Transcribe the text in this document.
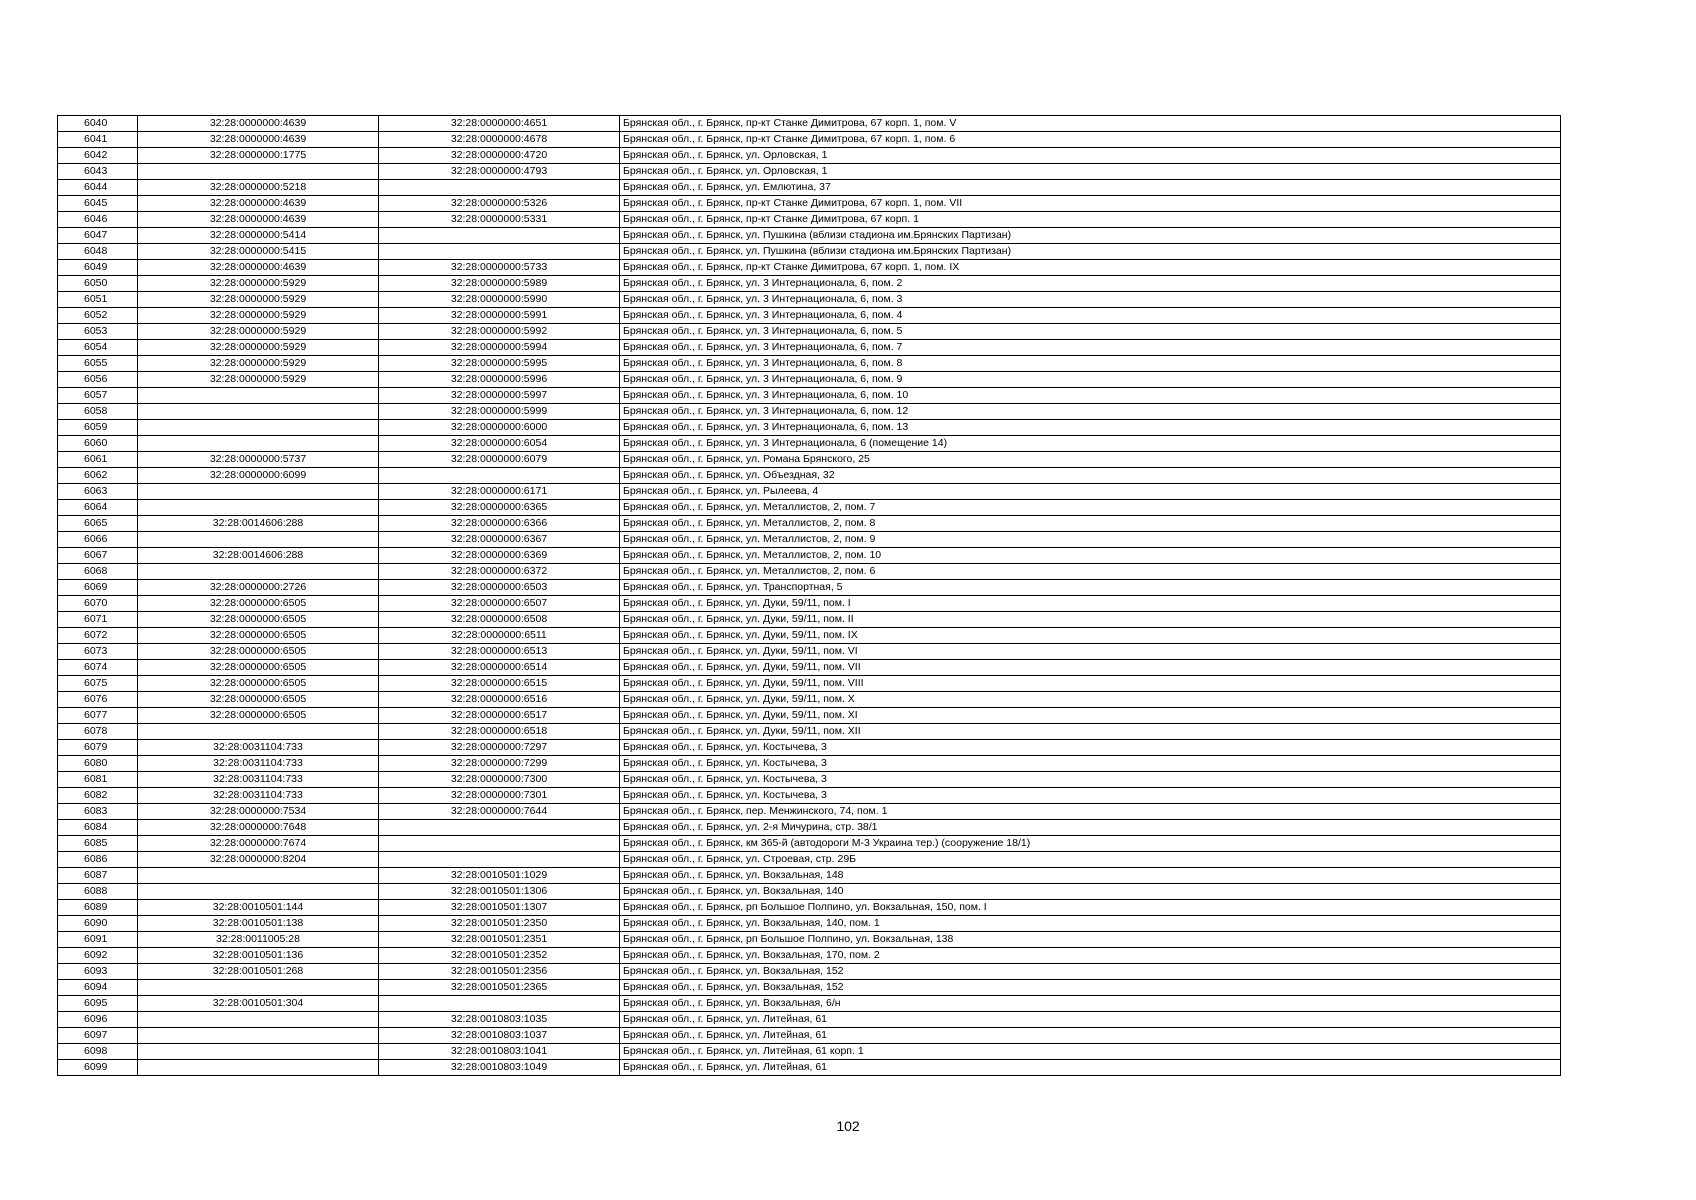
6040	32:28:0000000:4639	32:28:0000000:4651	Брянская обл., г. Брянск, пр-кт Станке Димитрова, 67 корп. 1, пом. V
6041	32:28:0000000:4639	32:28:0000000:4678	Брянская обл., г. Брянск, пр-кт Станке Димитрова, 67 корп. 1, пом. 6
6042	32:28:0000000:1775	32:28:0000000:4720	Брянская обл., г. Брянск, ул. Орловская, 1
6043		32:28:0000000:4793	Брянская обл., г. Брянск, ул. Орловская, 1
6044	32:28:0000000:5218		Брянская обл., г. Брянск, ул. Емлютина, 37
6045	32:28:0000000:4639	32:28:0000000:5326	Брянская обл., г. Брянск, пр-кт Станке Димитрова, 67 корп. 1, пом. VII
6046	32:28:0000000:4639	32:28:0000000:5331	Брянская обл., г. Брянск, пр-кт Станке Димитрова, 67 корп. 1
6047	32:28:0000000:5414		Брянская обл., г. Брянск, ул. Пушкина (вблизи стадиона им.Брянских Партизан)
6048	32:28:0000000:5415		Брянская обл., г. Брянск, ул. Пушкина (вблизи стадиона им.Брянских Партизан)
6049	32:28:0000000:4639	32:28:0000000:5733	Брянская обл., г. Брянск, пр-кт Станке Димитрова, 67 корп. 1, пом. IX
6050	32:28:0000000:5929	32:28:0000000:5989	Брянская обл., г. Брянск, ул. 3 Интернационала, 6, пом. 2
6051	32:28:0000000:5929	32:28:0000000:5990	Брянская обл., г. Брянск, ул. 3 Интернационала, 6, пом. 3
6052	32:28:0000000:5929	32:28:0000000:5991	Брянская обл., г. Брянск, ул. 3 Интернационала, 6, пом. 4
6053	32:28:0000000:5929	32:28:0000000:5992	Брянская обл., г. Брянск, ул. 3 Интернационала, 6, пом. 5
6054	32:28:0000000:5929	32:28:0000000:5994	Брянская обл., г. Брянск, ул. 3 Интернационала, 6, пом. 7
6055	32:28:0000000:5929	32:28:0000000:5995	Брянская обл., г. Брянск, ул. 3 Интернационала, 6, пом. 8
6056	32:28:0000000:5929	32:28:0000000:5996	Брянская обл., г. Брянск, ул. 3 Интернационала, 6, пом. 9
6057		32:28:0000000:5997	Брянская обл., г. Брянск, ул. 3 Интернационала, 6, пом. 10
6058		32:28:0000000:5999	Брянская обл., г. Брянск, ул. 3 Интернационала, 6, пом. 12
6059		32:28:0000000:6000	Брянская обл., г. Брянск, ул. 3 Интернационала, 6, пом. 13
6060		32:28:0000000:6054	Брянская обл., г. Брянск, ул. 3 Интернационала, 6 (помещение 14)
6061	32:28:0000000:5737	32:28:0000000:6079	Брянская обл., г. Брянск, ул. Романа Брянского, 25
6062	32:28:0000000:6099		Брянская обл., г. Брянск, ул. Объездная, 32
6063		32:28:0000000:6171	Брянская обл., г. Брянск, ул. Рылеева, 4
6064		32:28:0000000:6365	Брянская обл., г. Брянск, ул. Металлистов, 2, пом. 7
6065	32:28:0014606:288	32:28:0000000:6366	Брянская обл., г. Брянск, ул. Металлистов, 2, пом. 8
6066		32:28:0000000:6367	Брянская обл., г. Брянск, ул. Металлистов, 2, пом. 9
6067	32:28:0014606:288	32:28:0000000:6369	Брянская обл., г. Брянск, ул. Металлистов, 2, пом. 10
6068		32:28:0000000:6372	Брянская обл., г. Брянск, ул. Металлистов, 2, пом. 6
6069	32:28:0000000:2726	32:28:0000000:6503	Брянская обл., г. Брянск, ул. Транспортная, 5
6070	32:28:0000000:6505	32:28:0000000:6507	Брянская обл., г. Брянск, ул. Дуки, 59/11, пом. I
6071	32:28:0000000:6505	32:28:0000000:6508	Брянская обл., г. Брянск, ул. Дуки, 59/11, пом. II
6072	32:28:0000000:6505	32:28:0000000:6511	Брянская обл., г. Брянск, ул. Дуки, 59/11, пом. IX
6073	32:28:0000000:6505	32:28:0000000:6513	Брянская обл., г. Брянск, ул. Дуки, 59/11, пом. VI
6074	32:28:0000000:6505	32:28:0000000:6514	Брянская обл., г. Брянск, ул. Дуки, 59/11, пом. VII
6075	32:28:0000000:6505	32:28:0000000:6515	Брянская обл., г. Брянск, ул. Дуки, 59/11, пом. VIII
6076	32:28:0000000:6505	32:28:0000000:6516	Брянская обл., г. Брянск, ул. Дуки, 59/11, пом. X
6077	32:28:0000000:6505	32:28:0000000:6517	Брянская обл., г. Брянск, ул. Дуки, 59/11, пом. XI
6078		32:28:0000000:6518	Брянская обл., г. Брянск, ул. Дуки, 59/11, пом. XII
6079	32:28:0031104:733	32:28:0000000:7297	Брянская обл., г. Брянск, ул. Костычева, 3
6080	32:28:0031104:733	32:28:0000000:7299	Брянская обл., г. Брянск, ул. Костычева, 3
6081	32:28:0031104:733	32:28:0000000:7300	Брянская обл., г. Брянск, ул. Костычева, 3
6082	32:28:0031104:733	32:28:0000000:7301	Брянская обл., г. Брянск, ул. Костычева, 3
6083	32:28:0000000:7534	32:28:0000000:7644	Брянская обл., г. Брянск, пер. Менжинского, 74, пом. 1
6084	32:28:0000000:7648		Брянская обл., г. Брянск, ул. 2-я Мичурина, стр. 38/1
6085	32:28:0000000:7674		Брянская обл., г. Брянск, км 365-й (автодороги М-3 Украина тер.) (сооружение 18/1)
6086	32:28:0000000:8204		Брянская обл., г. Брянск, ул. Строевая, стр. 29Б
6087		32:28:0010501:1029	Брянская обл., г. Брянск, ул. Вокзальная, 148
6088		32:28:0010501:1306	Брянская обл., г. Брянск, ул. Вокзальная, 140
6089	32:28:0010501:144	32:28:0010501:1307	Брянская обл., г. Брянск, рп Большое Полпино, ул. Вокзальная, 150, пом. I
6090	32:28:0010501:138	32:28:0010501:2350	Брянская обл., г. Брянск, ул. Вокзальная, 140, пом. 1
6091	32:28:0011005:28	32:28:0010501:2351	Брянская обл., г. Брянск, рп Большое Полпино, ул. Вокзальная, 138
6092	32:28:0010501:136	32:28:0010501:2352	Брянская обл., г. Брянск, ул. Вокзальная, 170, пом. 2
6093	32:28:0010501:268	32:28:0010501:2356	Брянская обл., г. Брянск, ул. Вокзальная, 152
6094		32:28:0010501:2365	Брянская обл., г. Брянск, ул. Вокзальная, 152
6095	32:28:0010501:304		Брянская обл., г. Брянск, ул. Вокзальная, 6/н
6096		32:28:0010803:1035	Брянская обл., г. Брянск, ул. Литейная, 61
6097		32:28:0010803:1037	Брянская обл., г. Брянск, ул. Литейная, 61
6098		32:28:0010803:1041	Брянская обл., г. Брянск, ул. Литейная, 61 корп. 1
6099		32:28:0010803:1049	Брянская обл., г. Брянск, ул. Литейная, 61
102
